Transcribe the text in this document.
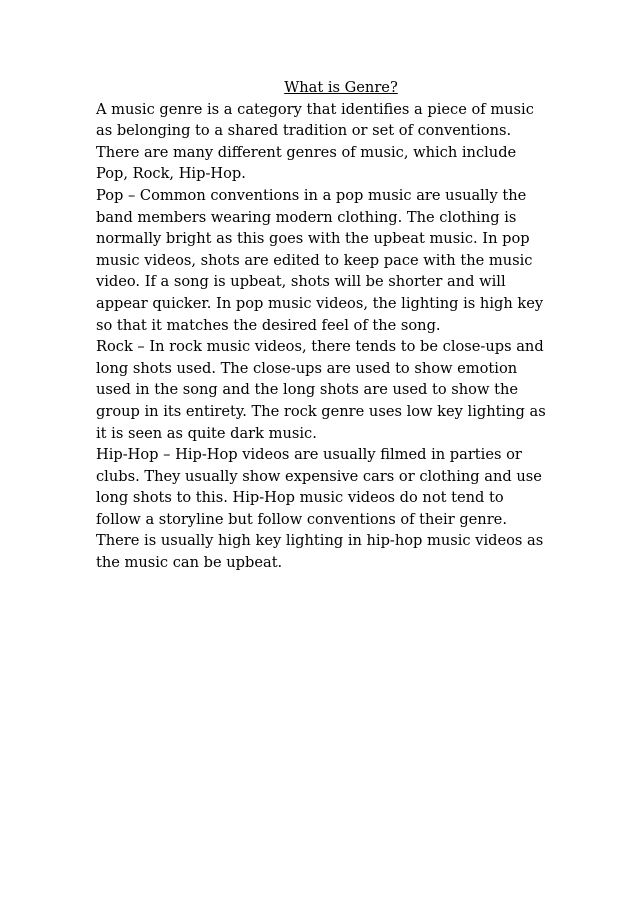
What is Genre?

A music genre is a category that identifies a piece of music as belonging to a shared tradition or set of conventions. There are many different genres of music, which include Pop, Rock, Hip-Hop.

Pop – Common conventions in a pop music are usually the band members wearing modern clothing. The clothing is normally bright as this goes with the upbeat music. In pop music videos, shots are edited to keep pace with the music video. If a song is upbeat, shots will be shorter and will appear quicker. In pop music videos, the lighting is high key so that it matches the desired feel of the song.

Rock – In rock music videos, there tends to be close-ups and long shots used. The close-ups are used to show emotion used in the song and the long shots are used to show the group in its entirety. The rock genre uses low key lighting as it is seen as quite dark music.

Hip-Hop – Hip-Hop videos are usually filmed in parties or clubs. They usually show expensive cars or clothing and use long shots to this. Hip-Hop music videos do not tend to follow a storyline but follow conventions of their genre. There is usually high key lighting in hip-hop music videos as the music can be upbeat.
